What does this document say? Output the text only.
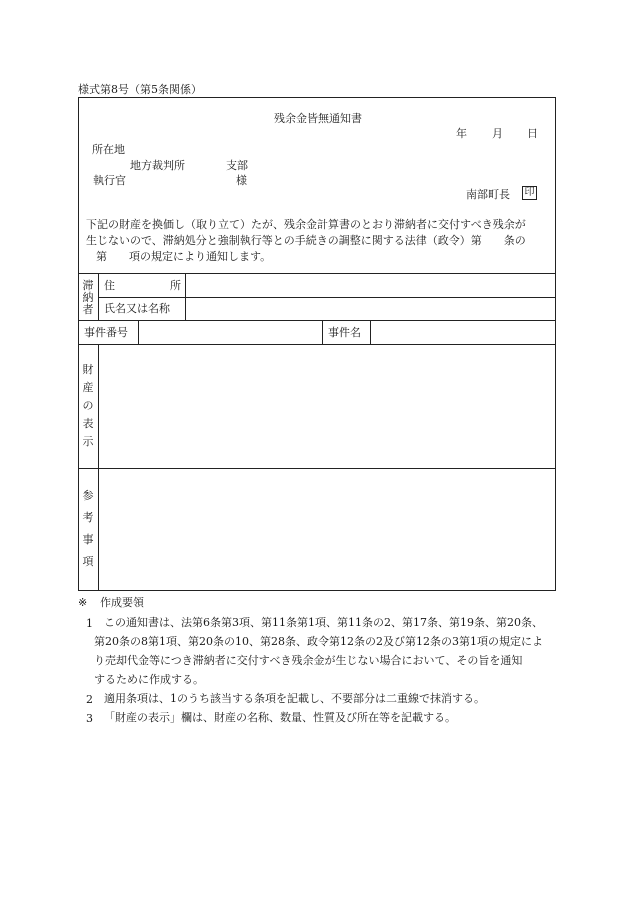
様式第8号（第5条関係）
残余金皆無通知書
年 月 日
所在地
地方裁判所	支部
執行官	様
南部町長 印
下記の財産を換価し（取り立て）たが、残余金計算書のとおり滞納者に交付すべき残余が
生じないので、滞納処分と強制執行等との手続きの調整に関する法律（政令）第　　条の
第　　項の規定により通知します。
滞
納
者
住	所
氏名又は名称
事件番号	事件名
財
産
の
表
示
参
考
事
項
※ 作成要領
1 この通知書は、法第6条第3項、第11条第1項、第11条の2、第17条、第19条、第20条、
第20条の8第1項、第20条の10、第28条、政令第12条の2及び第12条の3第1項の規定によ
り売却代金等につき滞納者に交付すべき残余金が生じない場合において、その旨を通知
するために作成する。
2 適用条項は、1のうち該当する条項を記載し、不要部分は二重線で抹消する。
3 「財産の表示」欄は、財産の名称、数量、性質及び所在等を記載する。
